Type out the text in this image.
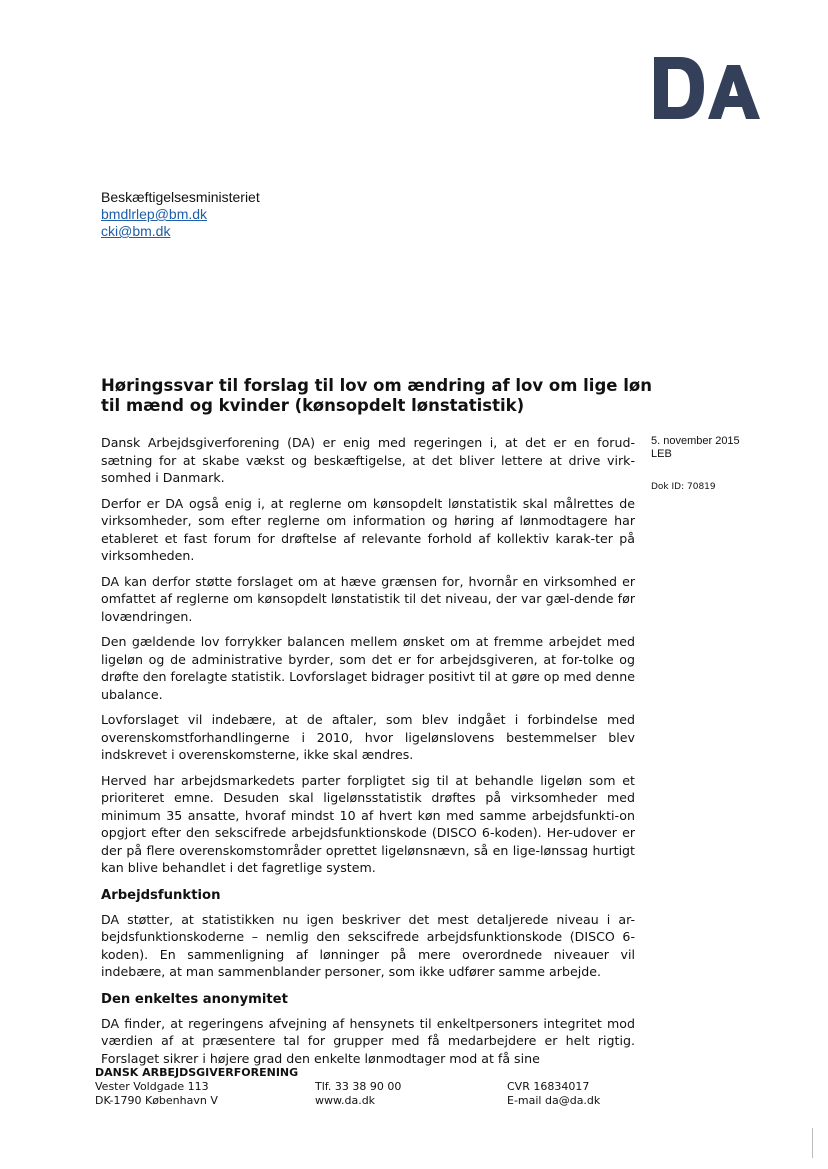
Beskæftigelsesministeriet
bmdlrlep@bm.dk
cki@bm.dk
Høringssvar til forslag til lov om ændring af lov om lige løn til mænd og kvinder (kønsopdelt lønstatistik)
5. november 2015
LEB
Dok ID: 70819

Dansk Arbejdsgiverforening (DA) er enig med regeringen i, at det er en forud-sætning for at skabe vækst og beskæftigelse, at det bliver lettere at drive virk-somhed i Danmark.

Derfor er DA også enig i, at reglerne om kønsopdelt lønstatistik skal målrettes de virksomheder, som efter reglerne om information og høring af lønmodtagere har etableret et fast forum for drøftelse af relevante forhold af kollektiv karak-ter på virksomheden.

DA kan derfor støtte forslaget om at hæve grænsen for, hvornår en virksomhed er omfattet af reglerne om kønsopdelt lønstatistik til det niveau, der var gæl-dende før lovændringen.

Den gældende lov forrykker balancen mellem ønsket om at fremme arbejdet med ligeløn og de administrative byrder, som det er for arbejdsgiveren, at for-tolke og drøfte den forelagte statistik. Lovforslaget bidrager positivt til at gøre op med denne ubalance.

Lovforslaget vil indebære, at de aftaler, som blev indgået i forbindelse med overenskomstforhandlingerne i 2010, hvor ligelønslovens bestemmelser blev indskrevet i overenskomsterne, ikke skal ændres.

Herved har arbejdsmarkedets parter forpligtet sig til at behandle ligeløn som et prioriteret emne. Desuden skal ligelønsstatistik drøftes på virksomheder med minimum 35 ansatte, hvoraf mindst 10 af hvert køn med samme arbejdsfunkti-on opgjort efter den sekscifrede arbejdsfunktionskode (DISCO 6-koden). Her-udover er der på flere overenskomstområder oprettet ligelønsnævn, så en lige-lønssag hurtigt kan blive behandlet i det fagretlige system.

Arbejdsfunktion

DA støtter, at statistikken nu igen beskriver det mest detaljerede niveau i ar-bejdsfunktionskoderne – nemlig den sekscifrede arbejdsfunktionskode (DISCO 6-koden). En sammenligning af lønninger på mere overordnede niveauer vil indebære, at man sammenblander personer, som ikke udfører samme arbejde.

Den enkeltes anonymitet

DA finder, at regeringens afvejning af hensynets til enkeltpersoners integritet mod værdien af at præsentere tal for grupper med få medarbejdere er helt rigtig. Forslaget sikrer i højere grad den enkelte lønmodtager mod at få sine

DANSK ARBEJDSGIVERFORENING
Vester Voldgade 113
DK-1790 København V
Tlf. 33 38 90 00
www.da.dk
CVR 16834017
E-mail da@da.dk
